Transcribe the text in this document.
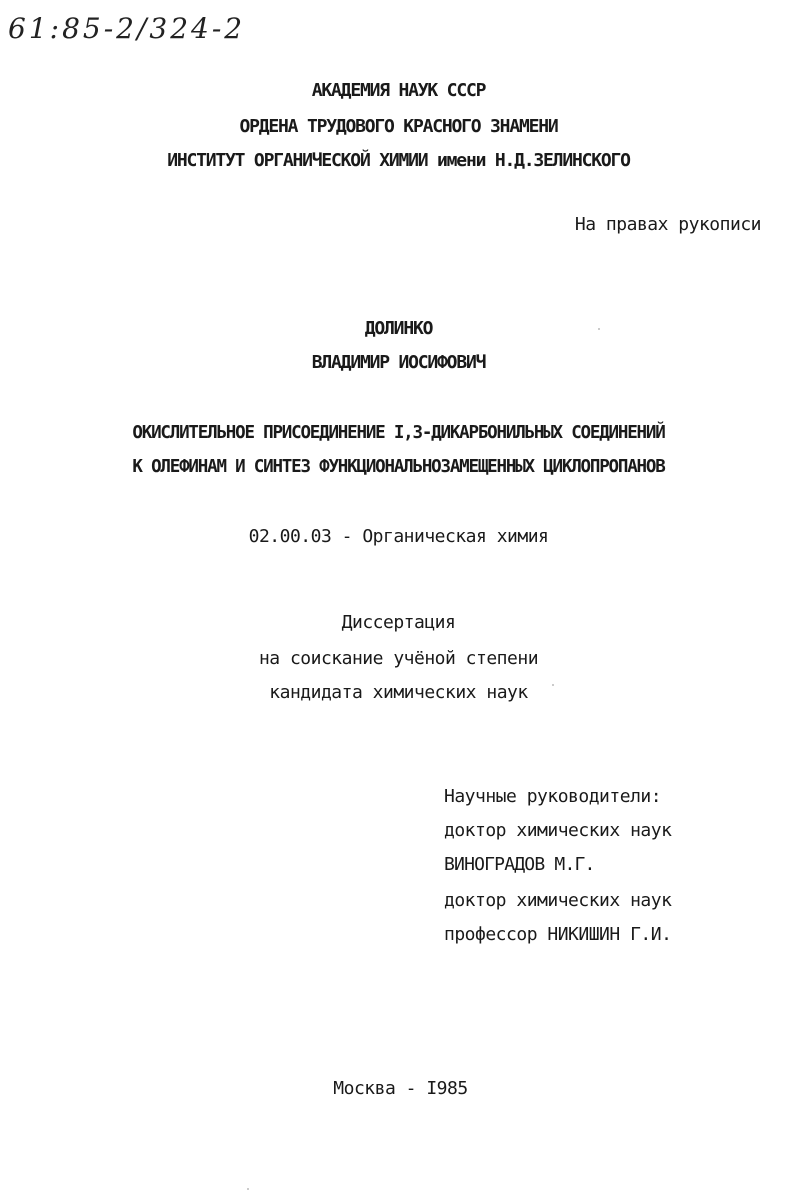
61:85-2/324-2
АКАДЕМИЯ НАУК СССР
ОРДЕНА ТРУДОВОГО КРАСНОГО ЗНАМЕНИ
ИНСТИТУТ ОРГАНИЧЕСКОЙ ХИМИИ имени Н.Д.ЗЕЛИНСКОГО
На правах рукописи
ДОЛИНКО
ВЛАДИМИР ИОСИФОВИЧ
ОКИСЛИТЕЛЬНОЕ ПРИСОЕДИНЕНИЕ I,3-ДИКАРБОНИЛЬНЫХ СОЕДИНЕНИЙ
К ОЛЕФИНАМ И СИНТЕЗ ФУНКЦИОНАЛЬНОЗАМЕЩЕННЫХ ЦИКЛОПРОПАНОВ
02.00.03 - Органическая химия
Диссертация
на соискание учёной степени
кандидата химических наук
Научные руководители:
доктор химических наук
ВИНОГРАДОВ М.Г.
доктор химических наук
профессор НИКИШИН Г.И.
Москва - I985
